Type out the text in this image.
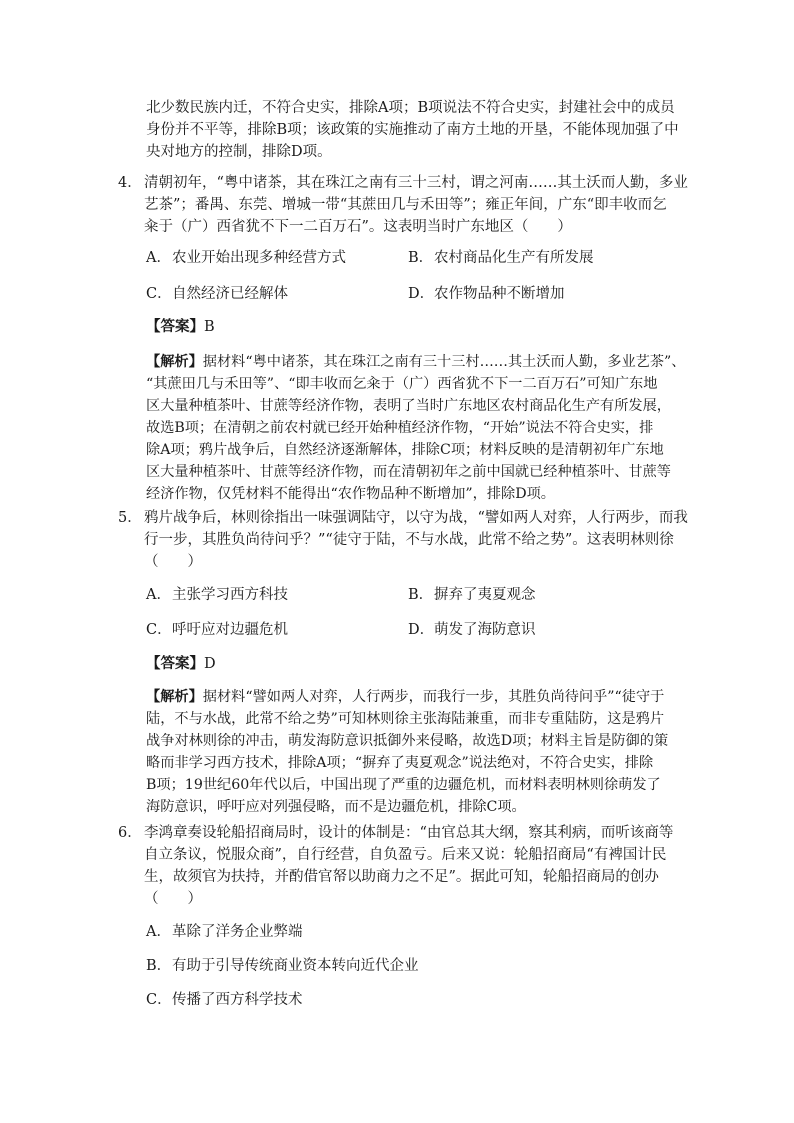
北少数民族内迁，不符合史实，排除A项；B项说法不符合史实，封建社会中的成员
身份并不平等，排除B项；该政策的实施推动了南方土地的开垦，不能体现加强了中
央对地方的控制，排除D项。
4． 清朝初年，“粤中诸茶，其在珠江之南有三十三村，谓之河南……其土沃而人勤，多业
艺茶”；番禺、东莞、增城一带“其蔗田几与禾田等”；雍正年间，广东“即丰收而乞
籴于（广）西省犹不下一二百万石”。这表明当时广东地区（　　）
A．农业开始出现多种经营方式	B．农村商品化生产有所发展
C．自然经济已经解体	D．农作物品种不断增加
【答案】B
【解析】据材料“粤中诸茶，其在珠江之南有三十三村……其土沃而人勤，多业艺茶”、
“其蔗田几与禾田等”、“即丰收而乞籴于（广）西省犹不下一二百万石”可知广东地
区大量种植茶叶、甘蔗等经济作物，表明了当时广东地区农村商品化生产有所发展，
故选B项；在清朝之前农村就已经开始种植经济作物，“开始”说法不符合史实，排
除A项；鸦片战争后，自然经济逐渐解体，排除C项；材料反映的是清朝初年广东地
区大量种植茶叶、甘蔗等经济作物，而在清朝初年之前中国就已经种植茶叶、甘蔗等
经济作物，仅凭材料不能得出“农作物品种不断增加”，排除D项。
5． 鸦片战争后，林则徐指出一味强调陆守，以守为战，“譬如两人对弈，人行两步，而我
行一步，其胜负尚待问乎？”“徒守于陆，不与水战，此常不给之势”。这表明林则徐
（　　）
A．主张学习西方科技	B．摒弃了夷夏观念
C．呼吁应对边疆危机	D．萌发了海防意识
【答案】D
【解析】据材料“譬如两人对弈，人行两步，而我行一步，其胜负尚待问乎”“徒守于
陆，不与水战，此常不给之势”可知林则徐主张海陆兼重，而非专重陆防，这是鸦片
战争对林则徐的冲击，萌发海防意识抵御外来侵略，故选D项；材料主旨是防御的策
略而非学习西方技术，排除A项；“摒弃了夷夏观念”说法绝对，不符合史实，排除
B项；19世纪60年代以后，中国出现了严重的边疆危机，而材料表明林则徐萌发了
海防意识，呼吁应对列强侵略，而不是边疆危机，排除C项。
6． 李鸿章奏设轮船招商局时，设计的体制是：“由官总其大纲，察其利病，而听该商等
自立条议，悦服众商”，自行经营，自负盈亏。后来又说：轮船招商局“有裨国计民
生，故须官为扶持，并酌借官帑以助商力之不足”。据此可知，轮船招商局的创办
（　　）
A．革除了洋务企业弊端
B．有助于引导传统商业资本转向近代企业
C．传播了西方科学技术
